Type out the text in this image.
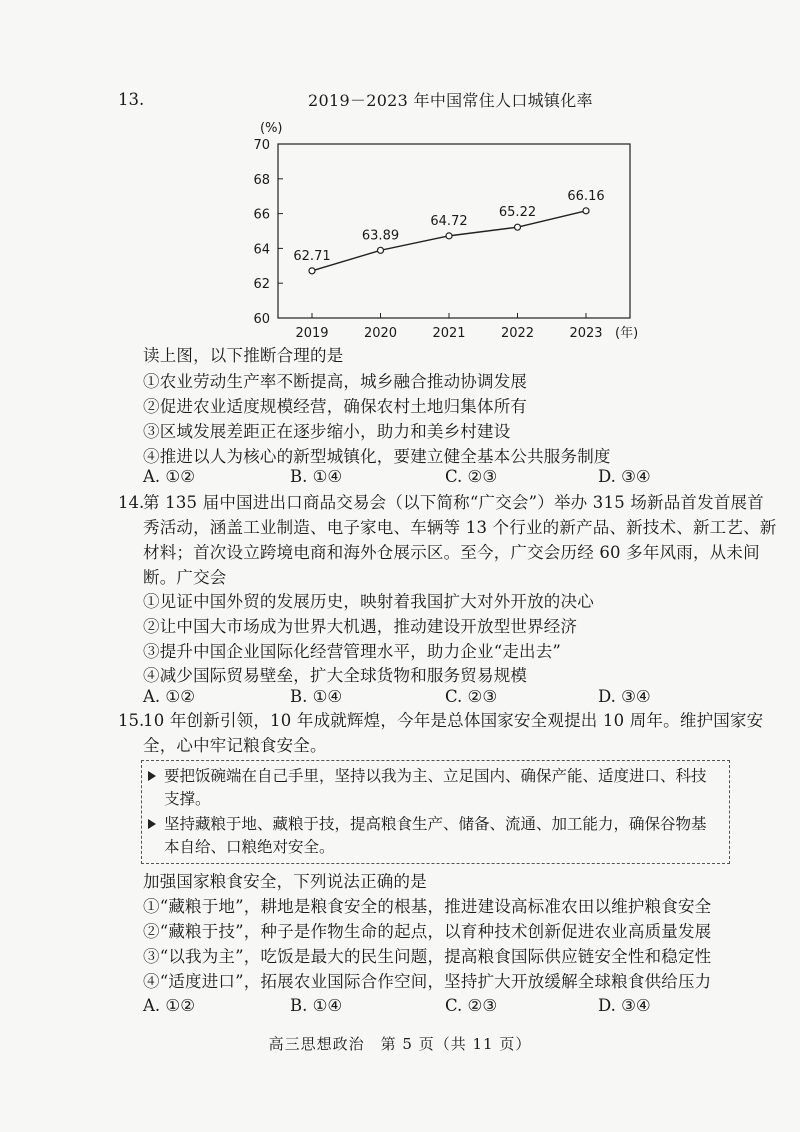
13.	2019－2023 年中国常住人口城镇化率
(%)
70
68
66
64
62
60
2019	2020	2021	2022	2023
62.71
63.89
64.72
65.22
66.16
(年)
读上图，以下推断合理的是
①农业劳动生产率不断提高，城乡融合推动协调发展
②促进农业适度规模经营，确保农村土地归集体所有
③区域发展差距正在逐步缩小，助力和美乡村建设
④推进以人为核心的新型城镇化，要建立健全基本公共服务制度
A. ①②	B. ①④	C. ②③	D. ③④
14.
第 135 届中国进出口商品交易会（以下简称“广交会”）举办 315 场新品首发首展首
秀活动，涵盖工业制造、电子家电、车辆等 13 个行业的新产品、新技术、新工艺、新
材料；首次设立跨境电商和海外仓展示区。至今，广交会历经 60 多年风雨，从未间
断。广交会
①见证中国外贸的发展历史，映射着我国扩大对外开放的决心
②让中国大市场成为世界大机遇，推动建设开放型世界经济
③提升中国企业国际化经营管理水平，助力企业“走出去”
④减少国际贸易壁垒，扩大全球货物和服务贸易规模
A. ①②	B. ①④	C. ②③	D. ③④
15.
10 年创新引领，10 年成就辉煌，今年是总体国家安全观提出 10 周年。维护国家安
全，心中牢记粮食安全。
要把饭碗端在自己手里，坚持以我为主、立足国内、确保产能、适度进口、科技
支撑。
坚持藏粮于地、藏粮于技，提高粮食生产、储备、流通、加工能力，确保谷物基
本自给、口粮绝对安全。
加强国家粮食安全，下列说法正确的是
①“藏粮于地”，耕地是粮食安全的根基，推进建设高标准农田以维护粮食安全
②“藏粮于技”，种子是作物生命的起点，以育种技术创新促进农业高质量发展
③“以我为主”，吃饭是最大的民生问题，提高粮食国际供应链安全性和稳定性
④“适度进口”，拓展农业国际合作空间，坚持扩大开放缓解全球粮食供给压力
A. ①②	B. ①④	C. ②③	D. ③④
高三思想政治　第 5 页（共 11 页）
